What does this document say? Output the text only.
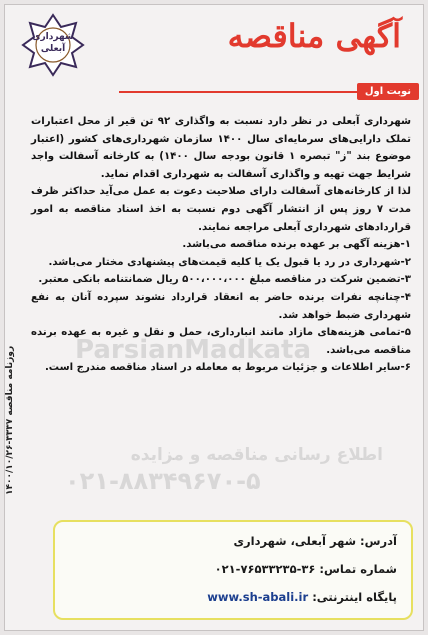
شهرداری آبعلی	آگهی مناقصه
نوبت اول
ParsianMadkata
اطلاع رسانی مناقصه و مزایده
۰۲۱-۸۸۳۴۹۶۷۰-۵

شهرداری آبعلی در نظر دارد نسبت به واگذاری ۹۲ تن قیر از محل اعتبارات تملک دارایی‌های سرمایه‌ای سال ۱۴۰۰ سازمان شهرداری‌های کشور (اعتبار موضوع بند "ز" تبصره ۱ قانون بودجه سال ۱۴۰۰) به کارخانه آسفالت واجد شرایط جهت تهیه و واگذاری آسفالت به شهرداری اقدام نماید.

لذا از کارخانه‌های آسفالت دارای صلاحیت دعوت به عمل می‌آید حداکثر ظرف مدت ۷ روز پس از انتشار آگهی دوم نسبت به اخذ اسناد مناقصه به امور قراردادهای شهرداری آبعلی مراجعه نمایند.

۱-هزینه آگهی بر عهده برنده مناقصه می‌باشد.

۲-شهرداری در رد یا قبول یک یا کلیه قیمت‌های پیشنهادی مختار می‌باشد.

۳-تضمین شرکت در مناقصه مبلغ ۵۰۰،۰۰۰،۰۰۰ ریال ضمانتنامه بانکی معتبر.

۴-چنانچه نفرات برنده حاضر به انعقاد قرارداد نشوند سپرده آنان به نفع شهرداری ضبط خواهد شد.

۵-تمامی هزینه‌های مازاد مانند انبارداری، حمل و نقل و غیره به عهده برنده مناقصه می‌باشد.

۶-سایر اطلاعات و جزئیات مربوط به معامله در اسناد مناقصه مندرج است.

روزنامه مناقصه ۳۳۳۷-۱۴۰۰/۱۰/۲۶
آدرس: شهر آبعلی، شهرداری
شماره تماس: ۳۶-۷۶۵۳۳۲۳۵-۰۲۱
پایگاه اینترنتی: www.sh-abali.ir
